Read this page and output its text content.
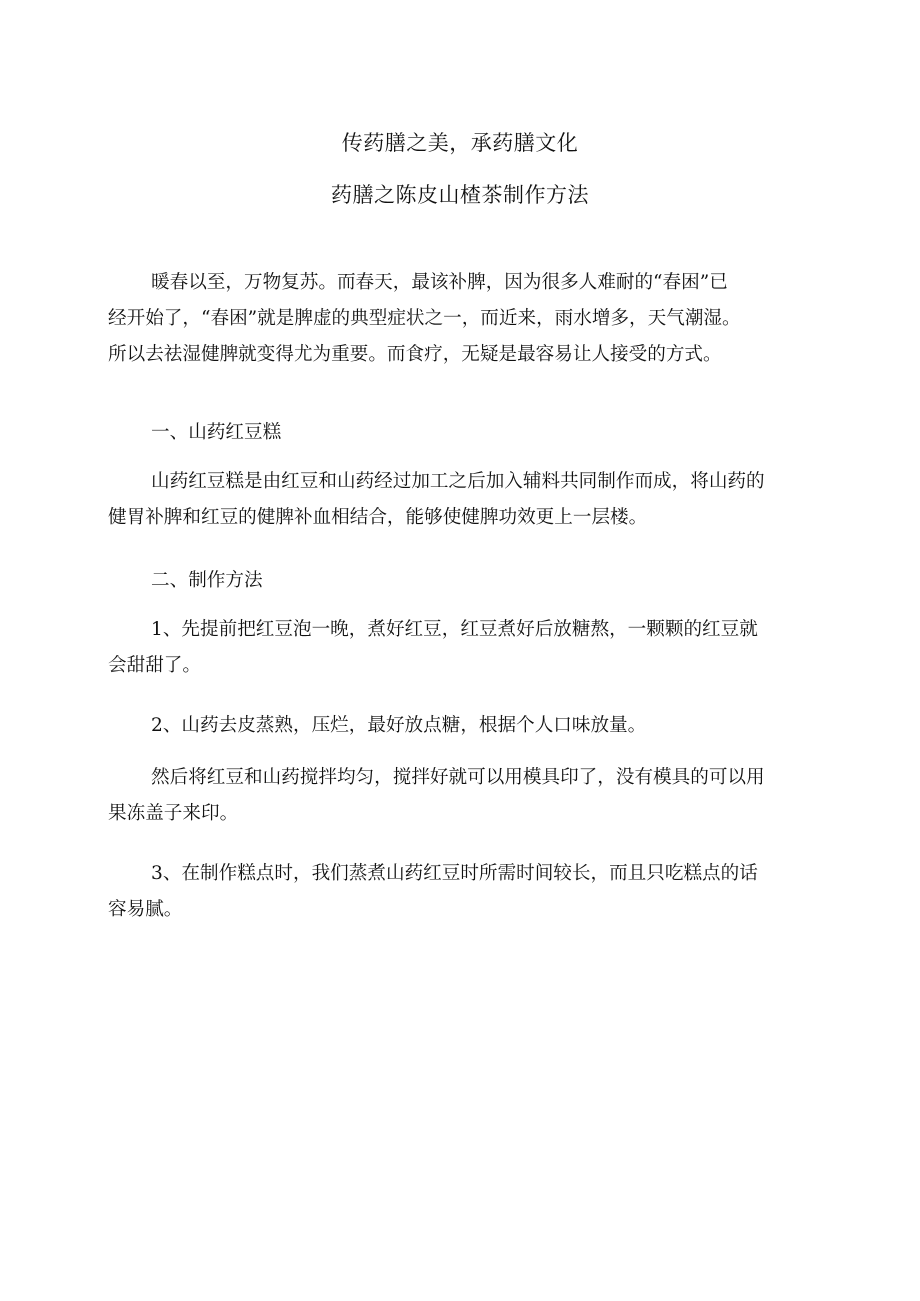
传药膳之美，承药膳文化
药膳之陈皮山楂茶制作方法
暖春以至，万物复苏。而春天，最该补脾，因为很多人难耐的“春困”已
经开始了，“春困”就是脾虚的典型症状之一，而近来，雨水增多，天气潮湿。
所以去祛湿健脾就变得尤为重要。而食疗，无疑是最容易让人接受的方式。
一、山药红豆糕
山药红豆糕是由红豆和山药经过加工之后加入辅料共同制作而成，将山药的
健胃补脾和红豆的健脾补血相结合，能够使健脾功效更上一层楼。
二、制作方法
1、先提前把红豆泡一晚，煮好红豆，红豆煮好后放糖熬，一颗颗的红豆就
会甜甜了。
2、山药去皮蒸熟，压烂，最好放点糖，根据个人口味放量。
然后将红豆和山药搅拌均匀，搅拌好就可以用模具印了，没有模具的可以用
果冻盖子来印。
3、在制作糕点时，我们蒸煮山药红豆时所需时间较长，而且只吃糕点的话
容易腻。
